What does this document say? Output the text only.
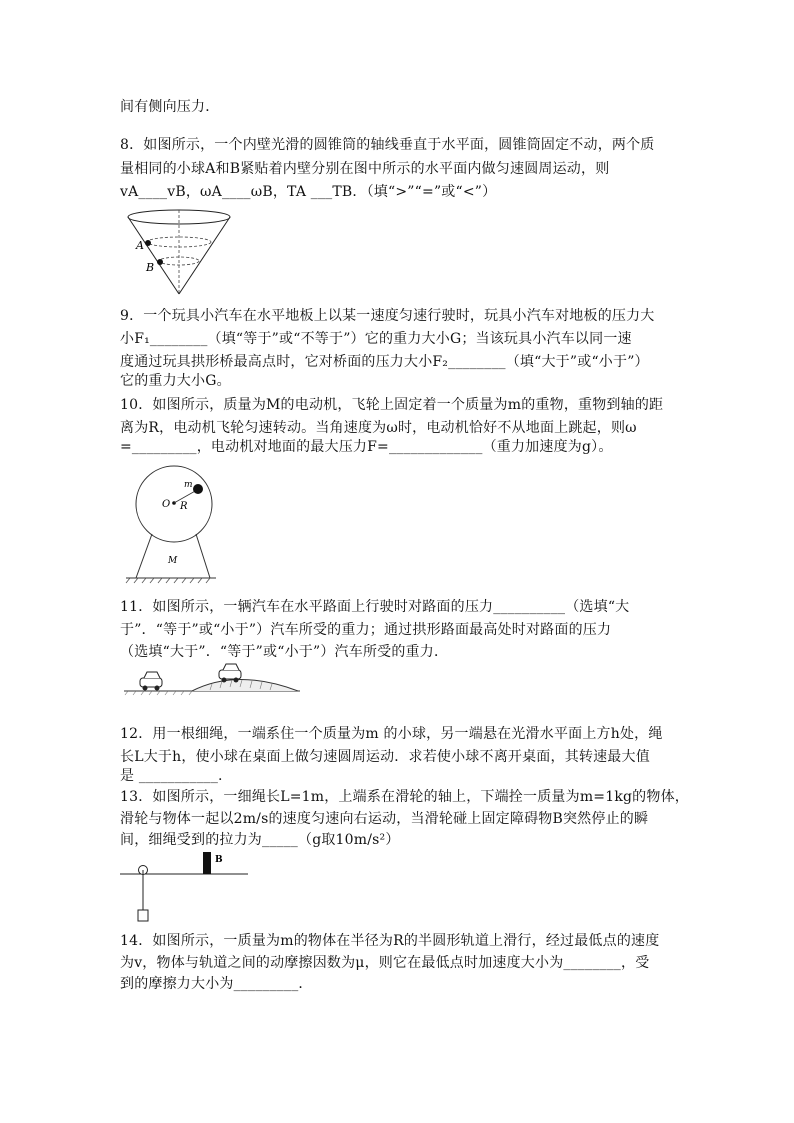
间有侧向压力．
8．如图所示，一个内壁光滑的圆锥筒的轴线垂直于水平面，圆锥筒固定不动，两个质
量相同的小球A和B紧贴着内壁分别在图中所示的水平面内做匀速圆周运动，则
vA____vB，ωA____ωB，TA ___TB．（填“>”“=”或“<”）
A
B
9．一个玩具小汽车在水平地板上以某一速度匀速行驶时，玩具小汽车对地板的压力大
小F₁________（填“等于”或“不等于”）它的重力大小G；当该玩具小汽车以同一速
度通过玩具拱形桥最高点时，它对桥面的压力大小F₂________（填“大于”或“小于”）
它的重力大小G。
10．如图所示，质量为M的电动机，飞轮上固定着一个质量为m的重物，重物到轴的距
离为R，电动机飞轮匀速转动。当角速度为ω时，电动机恰好不从地面上跳起，则ω
=_________，电动机对地面的最大压力F=_____________（重力加速度为g）。
O
m
R
M
11．如图所示，一辆汽车在水平路面上行驶时对路面的压力__________（选填“大
于”．“等于”或“小于”）汽车所受的重力；通过拱形路面最高处时对路面的压力
（选填“大于”．“等于”或“小于”）汽车所受的重力．
12．用一根细绳，一端系住一个质量为m 的小球，另一端悬在光滑水平面上方h处，绳
长L大于h，使小球在桌面上做匀速圆周运动．求若使小球不离开桌面，其转速最大值
是 ___________.
13．如图所示，一细绳长L=1m，上端系在滑轮的轴上，下端拴一质量为m=1kg的物体，
滑轮与物体一起以2m/s的速度匀速向右运动，当滑轮碰上固定障碍物B突然停止的瞬
间，细绳受到的拉力为_____（g取10m/s²）
B
14．如图所示，一质量为m的物体在半径为R的半圆形轨道上滑行，经过最低点的速度
为v，物体与轨道之间的动摩擦因数为μ，则它在最低点时加速度大小为________，受
到的摩擦力大小为_________．
